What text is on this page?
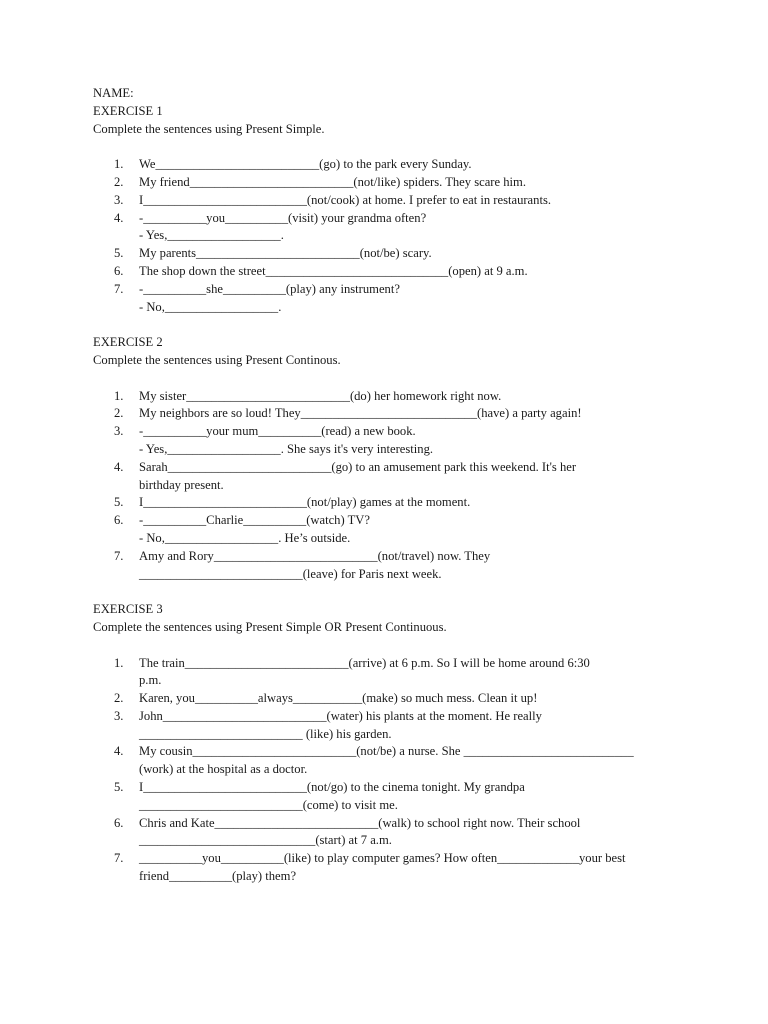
NAME:
EXERCISE 1
Complete the sentences using Present Simple.
1. We__________________________(go) to the park every Sunday.
2. My friend__________________________(not/like) spiders. They scare him.
3. I__________________________(not/cook) at home. I prefer to eat in restaurants.
4. -__________you__________(visit) your grandma often?
- Yes,__________________.
5. My parents__________________________(not/be) scary.
6. The shop down the street_____________________________(open) at 9 a.m.
7. -__________she__________(play) any instrument?
- No,__________________.
EXERCISE 2
Complete the sentences using Present Continous.
1. My sister__________________________(do) her homework right now.
2. My neighbors are so loud! They____________________________(have) a party again!
3. -__________your mum__________(read) a new book.
- Yes,__________________. She says it's very interesting.
4. Sarah__________________________(go) to an amusement park this weekend. It's her
birthday present.
5. I__________________________(not/play) games at the moment.
6. -__________Charlie__________(watch) TV?
- No,__________________. He’s outside.
7. Amy and Rory__________________________(not/travel) now. They
__________________________(leave) for Paris next week.
EXERCISE 3
Complete the sentences using Present Simple OR Present Continuous.
1. The train__________________________(arrive) at 6 p.m. So I will be home around 6:30
p.m.
2. Karen, you__________always___________(make) so much mess. Clean it up!
3. John__________________________(water) his plants at the moment. He really
__________________________ (like) his garden.
4. My cousin__________________________(not/be) a nurse. She ___________________________
(work) at the hospital as a doctor.
5. I__________________________(not/go) to the cinema tonight. My grandpa
__________________________(come) to visit me.
6. Chris and Kate__________________________(walk) to school right now. Their school
____________________________(start) at 7 a.m.
7. __________you__________(like) to play computer games? How often_____________your best
friend__________(play) them?
